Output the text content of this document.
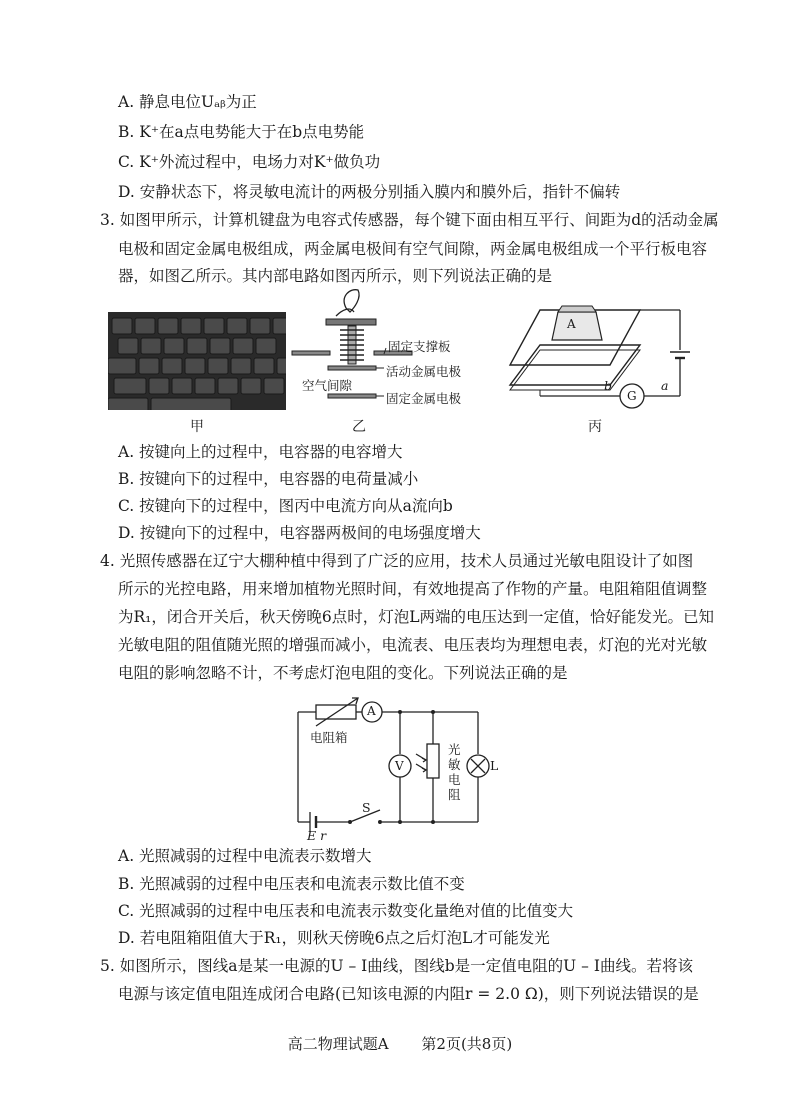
A. 静息电位Uₐᵦ为正
B. K⁺在a点电势能大于在b点电势能
C. K⁺外流过程中，电场力对K⁺做负功
D. 安静状态下，将灵敏电流计的两极分别插入膜内和膜外后，指针不偏转
3. 如图甲所示，计算机键盘为电容式传感器，每个键下面由相互平行、间距为d的活动金属
电极和固定金属电极组成，两金属电极间有空气间隙，两金属电极组成一个平行板电容
器，如图乙所示。其内部电路如图丙所示，则下列说法正确的是
甲
固定支撑板
空气间隙
活动金属电极
固定金属电极
乙
A
G
b	a
丙
A. 按键向上的过程中，电容器的电容增大
B. 按键向下的过程中，电容器的电荷量减小
C. 按键向下的过程中，图丙中电流方向从a流向b
D. 按键向下的过程中，电容器两极间的电场强度增大
4. 光照传感器在辽宁大棚种植中得到了广泛的应用，技术人员通过光敏电阻设计了如图
所示的光控电路，用来增加植物光照时间，有效地提高了作物的产量。电阻箱阻值调整
为R₁，闭合开关后，秋天傍晚6点时，灯泡L两端的电压达到一定值，恰好能发光。已知
光敏电阻的阻值随光照的增强而减小，电流表、电压表均为理想电表，灯泡的光对光敏
电阻的影响忽略不计，不考虑灯泡电阻的变化。下列说法正确的是
A
V
电阻箱
光
敏
电
阻
L
S
E r
A. 光照减弱的过程中电流表示数增大
B. 光照减弱的过程中电压表和电流表示数比值不变
C. 光照减弱的过程中电压表和电流表示数变化量绝对值的比值变大
D. 若电阻箱阻值大于R₁，则秋天傍晚6点之后灯泡L才可能发光
5. 如图所示，图线a是某一电源的U – I曲线，图线b是一定值电阻的U – I曲线。若将该
电源与该定值电阻连成闭合电路(已知该电源的内阻r = 2.0 Ω)，则下列说法错误的是
高二物理试题A 第2页(共8页)
